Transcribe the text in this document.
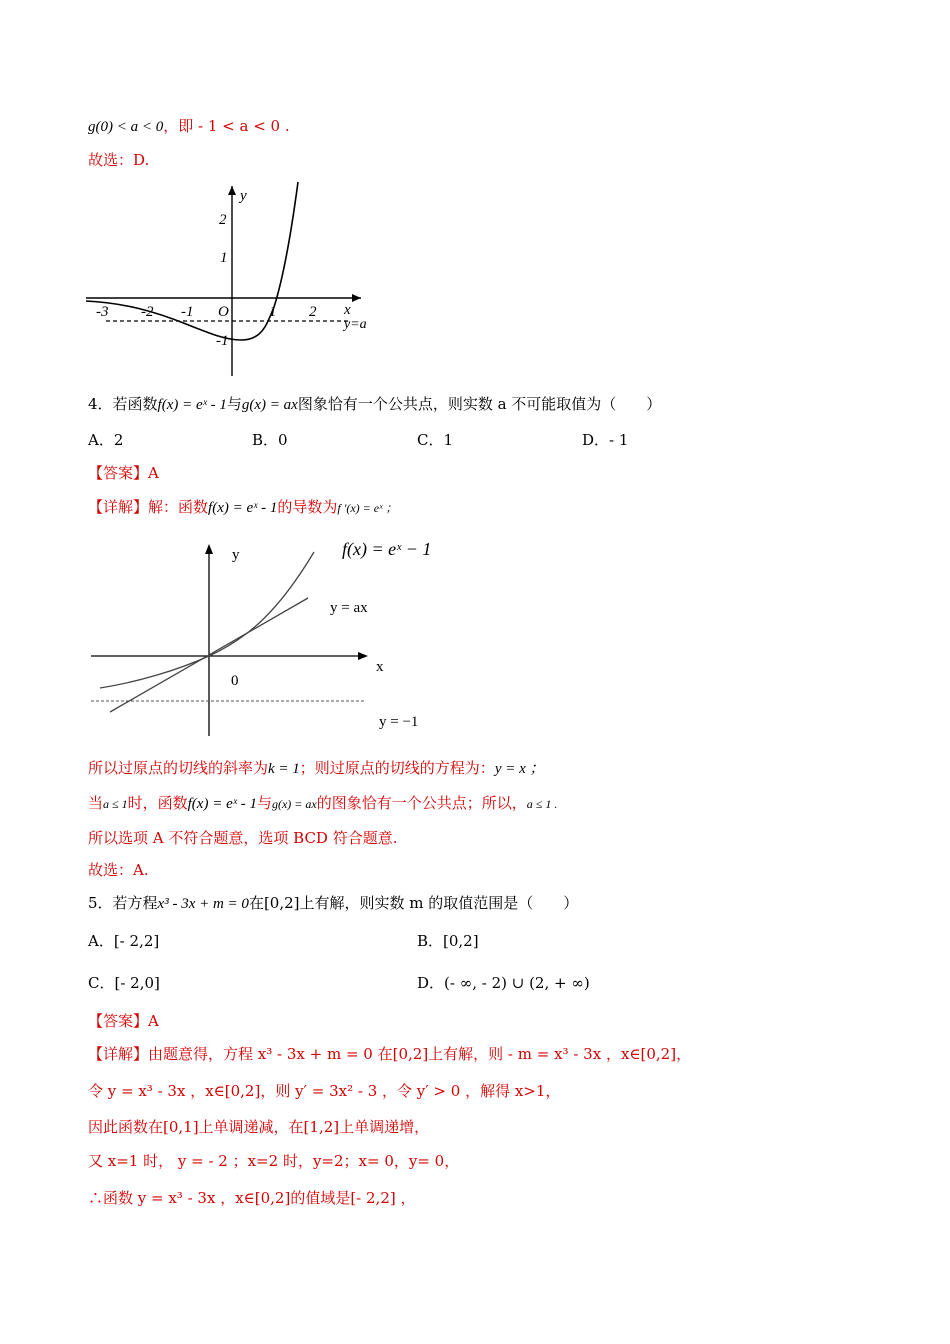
g(0) < a < 0，即 - 1 < a < 0 .
故选：D.
y
x
2
1
-1
-3 -2 -1 O	1 2
y=a
4．若函数f(x) = eˣ - 1与g(x) = ax图象恰有一个公共点，则实数 a 不可能取值为（　　）
A．2	B．0	C．1	D．- 1
【答案】A
【详解】解：函数f(x) = eˣ - 1的导数为f ′(x) = eˣ ；
y	f(x) = eˣ − 1
y = ax
x
0
y = −1
所以过原点的切线的斜率为k = 1；则过原点的切线的方程为：y = x ；
当a ≤ 1时，函数f(x) = eˣ - 1与g(x) = ax的图象恰有一个公共点；所以，a ≤ 1 .
所以选项 A 不符合题意，选项 BCD 符合题意.
故选：A.
5．若方程x³ - 3x + m = 0在[0,2]上有解，则实数 m 的取值范围是（　　）
A．[- 2,2]	B．[0,2]
C．[- 2,0]	D．(- ∞, - 2) ∪ (2, + ∞)
【答案】A
【详解】由题意得，方程 x³ - 3x + m = 0 在[0,2]上有解，则 - m = x³ - 3x ，x∈[0,2]，
令 y = x³ - 3x ，x∈[0,2]，则 y′ = 3x² - 3 ，令 y′ > 0 ，解得 x>1，
因此函数在[0,1]上单调递减，在[1,2]上单调递增，
又 x=1 时， y = - 2 ；x=2 时，y=2；x= 0，y= 0，
∴函数 y = x³ - 3x ，x∈[0,2]的值域是[- 2,2] ，
